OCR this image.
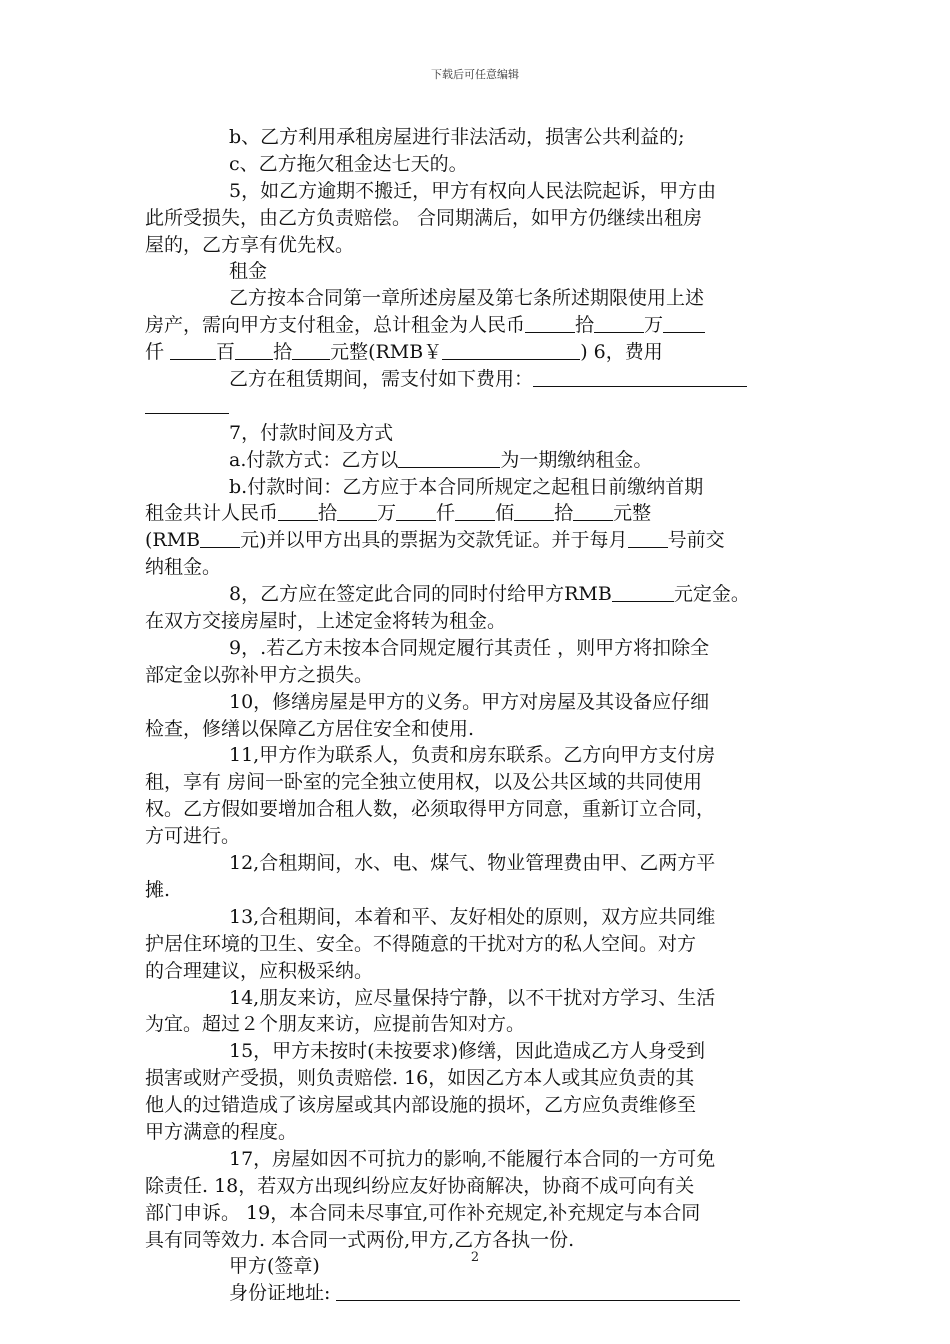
下载后可任意编辑
b、乙方利用承租房屋进行非法活动，损害公共利益的;
c、乙方拖欠租金达七天的。
5，如乙方逾期不搬迁，甲方有权向人民法院起诉，甲方由
此所受损失，由乙方负责赔偿。 合同期满后，如甲方仍继续出租房
屋的，乙方享有优先权。
租金
乙方按本合同第一章所述房屋及第七条所述期限使用上述
房产，需向甲方支付租金，总计租金为人民币	拾	万
仟 百 拾 元整(RMB￥	) 6，费用
乙方在租赁期间，需支付如下费用：
7，付款时间及方式
a.付款方式：乙方以	为一期缴纳租金。
b.付款时间：乙方应于本合同所规定之起租日前缴纳首期
租金共计人民币 拾 万 仟 佰 拾 元整
(RMB 元)并以甲方出具的票据为交款凭证。并于每月 号前交
纳租金。
8，乙方应在签定此合同的同时付给甲方RMB	元定金。
在双方交接房屋时，上述定金将转为租金。
9，.若乙方未按本合同规定履行其责任 ，则甲方将扣除全
部定金以弥补甲方之损失。
10，修缮房屋是甲方的义务。甲方对房屋及其设备应仔细
检查，修缮以保障乙方居住安全和使用.
11,甲方作为联系人，负责和房东联系。乙方向甲方支付房
租，享有 房间一卧室的完全独立使用权，以及公共区域的共同使用
权。乙方假如要增加合租人数，必须取得甲方同意，重新订立合同，
方可进行。
12,合租期间，水、电、煤气、物业管理费由甲、乙两方平
摊.
13,合租期间，本着和平、友好相处的原则，双方应共同维
护居住环境的卫生、安全。不得随意的干扰对方的私人空间。对方
的合理建议，应积极采纳。
14,朋友来访，应尽量保持宁静，以不干扰对方学习、生活
为宜。超过２个朋友来访，应提前告知对方。
15，甲方未按时(未按要求)修缮，因此造成乙方人身受到
损害或财产受损，则负责赔偿. 16，如因乙方本人或其应负责的其
他人的过错造成了该房屋或其内部设施的损坏，乙方应负责维修至
甲方满意的程度。
17，房屋如因不可抗力的影响,不能履行本合同的一方可免
除责任. 18，若双方出现纠纷应友好协商解决，协商不成可向有关
部门申诉。 19，本合同未尽事宜,可作补充规定,补充规定与本合同
具有同等效力. 本合同一式两份,甲方,乙方各执一份.
甲方(签章)
身份证地址:
2
